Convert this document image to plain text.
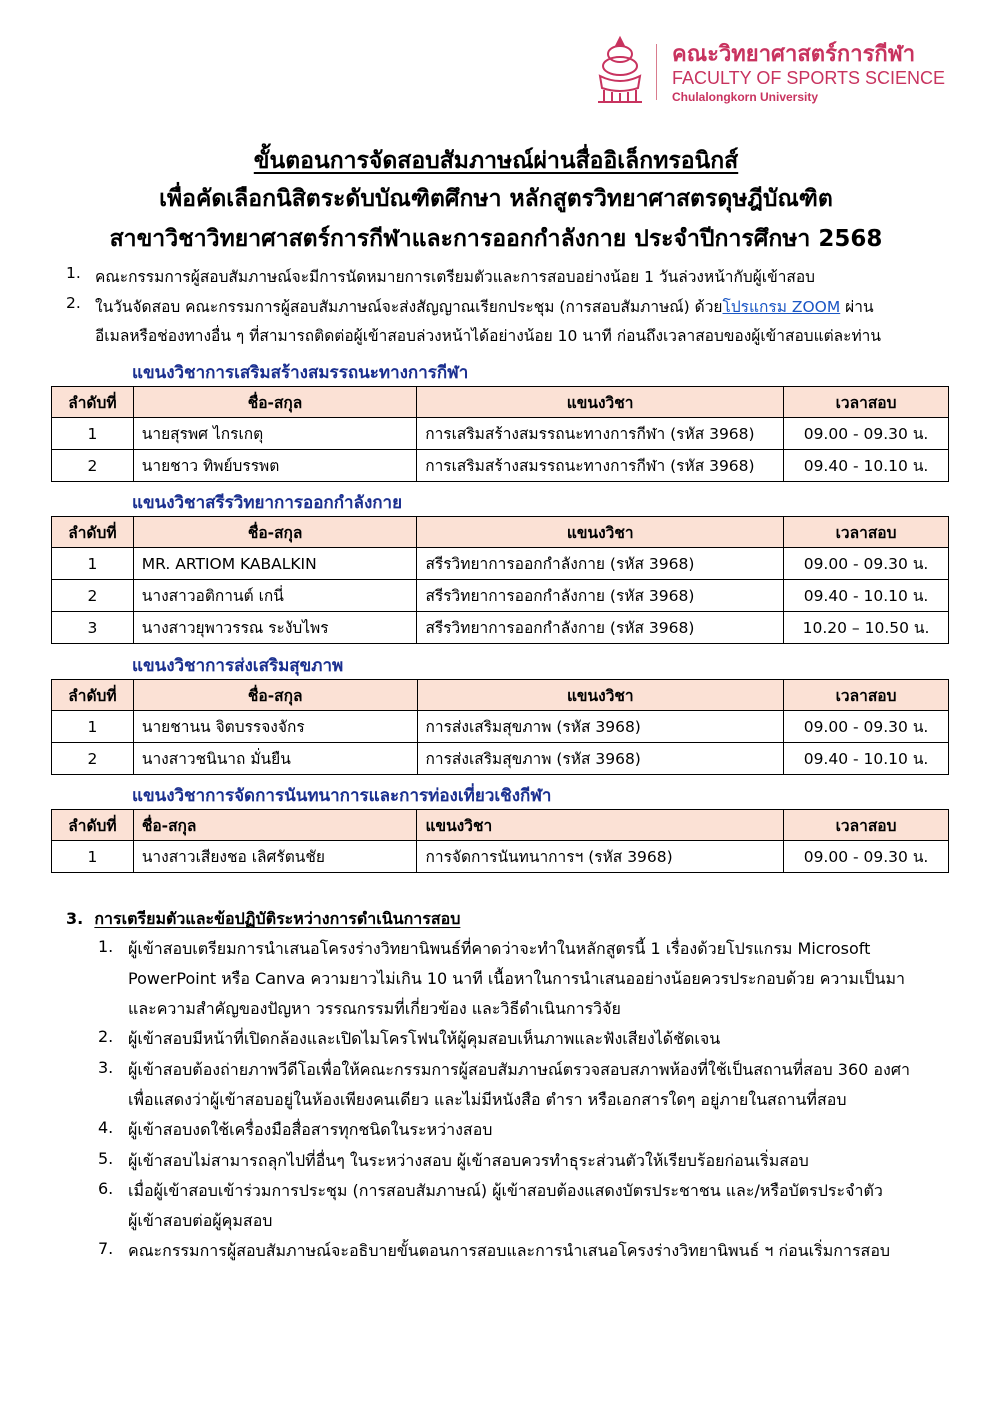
คณะวิทยาศาสตร์การกีฬา
FACULTY OF SPORTS SCIENCE
Chulalongkorn University
ขั้นตอนการจัดสอบสัมภาษณ์ผ่านสื่ออิเล็กทรอนิกส์
เพื่อคัดเลือกนิสิตระดับบัณฑิตศึกษา หลักสูตรวิทยาศาสตรดุษฎีบัณฑิต
สาขาวิชาวิทยาศาสตร์การกีฬาและการออกกำลังกาย ประจำปีการศึกษา 2568
1. คณะกรรมการผู้สอบสัมภาษณ์จะมีการนัดหมายการเตรียมตัวและการสอบอย่างน้อย 1 วันล่วงหน้ากับผู้เข้าสอบ
2. ในวันจัดสอบ คณะกรรมการผู้สอบสัมภาษณ์จะส่งสัญญาณเรียกประชุม (การสอบสัมภาษณ์) ด้วยโปรแกรม ZOOM ผ่าน
อีเมลหรือช่องทางอื่น ๆ ที่สามารถติดต่อผู้เข้าสอบล่วงหน้าได้อย่างน้อย 10 นาที ก่อนถึงเวลาสอบของผู้เข้าสอบแต่ละท่าน
แขนงวิชาการเสริมสร้างสมรรถนะทางการกีฬา
ลำดับที่	ชื่อ-สกุล	แขนงวิชา	เวลาสอบ
1	นายสุรพศ ไกรเกตุ	การเสริมสร้างสมรรถนะทางการกีฬา (รหัส 3968)	09.00 - 09.30 น.
2	นายชาว ทิพย์บรรพต	การเสริมสร้างสมรรถนะทางการกีฬา (รหัส 3968)	09.40 - 10.10 น.
แขนงวิชาสรีรวิทยาการออกกำลังกาย
ลำดับที่	ชื่อ-สกุล	แขนงวิชา	เวลาสอบ
1	MR. ARTIOM KABALKIN	สรีรวิทยาการออกกำลังกาย (รหัส 3968)	09.00 - 09.30 น.
2	นางสาวอติกานต์ เกนี่	สรีรวิทยาการออกกำลังกาย (รหัส 3968)	09.40 - 10.10 น.
3	นางสาวยุพาวรรณ ระงับไพร	สรีรวิทยาการออกกำลังกาย (รหัส 3968)	10.20 – 10.50 น.
แขนงวิชาการส่งเสริมสุขภาพ
ลำดับที่	ชื่อ-สกุล	แขนงวิชา	เวลาสอบ
1	นายชานน จิตบรรจงจักร	การส่งเสริมสุขภาพ (รหัส 3968)	09.00 - 09.30 น.
2	นางสาวชนินาถ มั่นยืน	การส่งเสริมสุขภาพ (รหัส 3968)	09.40 - 10.10 น.
แขนงวิชาการจัดการนันทนาการและการท่องเที่ยวเชิงกีฬา
ลำดับที่	ชื่อ-สกุล	แขนงวิชา	เวลาสอบ
1	นางสาวเสียงชอ เลิศรัตนชัย	การจัดการนันทนาการฯ (รหัส 3968)	09.00 - 09.30 น.
3. การเตรียมตัวและข้อปฏิบัติระหว่างการดำเนินการสอบ
1. ผู้เข้าสอบเตรียมการนำเสนอโครงร่างวิทยานิพนธ์ที่คาดว่าจะทำในหลักสูตรนี้ 1 เรื่องด้วยโปรแกรม Microsoft
PowerPoint หรือ Canva ความยาวไม่เกิน 10 นาที เนื้อหาในการนำเสนออย่างน้อยควรประกอบด้วย ความเป็นมา
และความสำคัญของปัญหา วรรณกรรมที่เกี่ยวข้อง และวิธีดำเนินการวิจัย
2. ผู้เข้าสอบมีหน้าที่เปิดกล้องและเปิดไมโครโฟนให้ผู้คุมสอบเห็นภาพและฟังเสียงได้ชัดเจน
3. ผู้เข้าสอบต้องถ่ายภาพวีดีโอเพื่อให้คณะกรรมการผู้สอบสัมภาษณ์ตรวจสอบสภาพห้องที่ใช้เป็นสถานที่สอบ 360 องศา
เพื่อแสดงว่าผู้เข้าสอบอยู่ในห้องเพียงคนเดียว และไม่มีหนังสือ ตำรา หรือเอกสารใดๆ อยู่ภายในสถานที่สอบ
4. ผู้เข้าสอบงดใช้เครื่องมือสื่อสารทุกชนิดในระหว่างสอบ
5. ผู้เข้าสอบไม่สามารถลุกไปที่อื่นๆ ในระหว่างสอบ ผู้เข้าสอบควรทำธุระส่วนตัวให้เรียบร้อยก่อนเริ่มสอบ
6. เมื่อผู้เข้าสอบเข้าร่วมการประชุม (การสอบสัมภาษณ์) ผู้เข้าสอบต้องแสดงบัตรประชาชน และ/หรือบัตรประจำตัว
ผู้เข้าสอบต่อผู้คุมสอบ
7. คณะกรรมการผู้สอบสัมภาษณ์จะอธิบายขั้นตอนการสอบและการนำเสนอโครงร่างวิทยานิพนธ์ ฯ ก่อนเริ่มการสอบ
